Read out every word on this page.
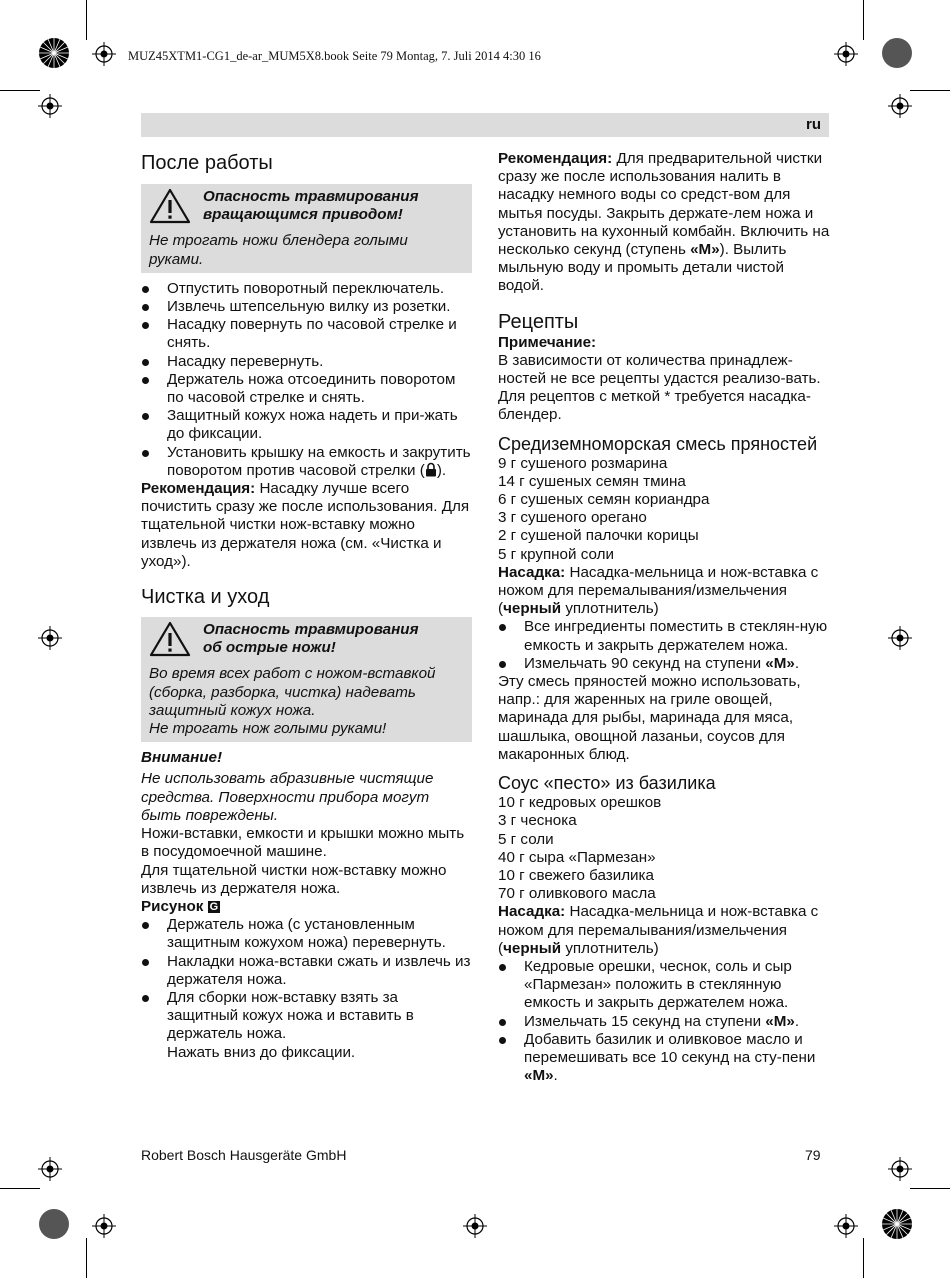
MUZ45XTM1-CG1_de-ar_MUM5X8.book Seite 79 Montag, 7. Juli 2014 4:30 16
ru
После работы
Опасность травмирования вращающимся приводом!
Не трогать ножи блендера голыми руками.
Отпустить поворотный переключатель.
Извлечь штепсельную вилку из розетки.
Насадку повернуть по часовой стрелке и снять.
Насадку перевернуть.
Держатель ножа отсоединить поворотом по часовой стрелке и снять.
Защитный кожух ножа надеть и при-жать до фиксации.
Установить крышку на емкость и закрутить поворотом против часовой стрелки ( ).

Рекомендация: Насадку лучше всего почистить сразу же после использования. Для тщательной чистки нож-вставку можно извлечь из держателя ножа (см. «Чистка и уход»).

Чистка и уход
Опасность травмирования об острые ножи!
Во время всех работ с ножом-вставкой (сборка, разборка, чистка) надевать защитный кожух ножа.
Не трогать нож голыми руками!

Внимание!

Не использовать абразивные чистящие средства. Поверхности прибора могут быть повреждены.

Ножи-вставки, емкости и крышки можно мыть в посудомоечной машине.

Для тщательной чистки нож-вставку можно извлечь из держателя ножа.

Рисунок G

Держатель ножа (с установленным защитным кожухом ножа) перевернуть.
Накладки ножа-вставки сжать и извлечь из держателя ножа.
Для сборки нож-вставку взять за защитный кожух ножа и вставить в держатель ножа.
Нажать вниз до фиксации.

Рекомендация: Для предварительной чистки сразу же после использования налить в насадку немного воды со средст-вом для мытья посуды. Закрыть держате-лем ножа и установить на кухонный комбайн. Включить на несколько секунд (ступень «M»). Вылить мыльную воду и промыть детали чистой водой.

Рецепты

Примечание:

В зависимости от количества принадлеж-ностей не все рецепты удастся реализо-вать. Для рецептов с меткой * требуется насадка-блендер.

Средиземноморская смесь пряностей

9 г сушеного розмарина

14 г сушеных семян тмина

6 г сушеных семян кориандра

3 г сушеного орегано

2 г сушеной палочки корицы

5 г крупной соли

Насадка: Насадка-мельница и нож-вставка с ножом для перемалывания/измельчения (черный уплотнитель)

Все ингредиенты поместить в стеклян-ную емкость и закрыть держателем ножа.
Измельчать 90 секунд на ступени «M».

Эту смесь пряностей можно использовать, напр.: для жаренных на гриле овощей, маринада для рыбы, маринада для мяса, шашлыка, овощной лазаньи, соусов для макаронных блюд.

Соус «песто» из базилика

10 г кедровых орешков

3 г чеснока

5 г соли

40 г сыра «Пармезан»

10 г свежего базилика

70 г оливкового масла

Насадка: Насадка-мельница и нож-вставка с ножом для перемалывания/измельчения (черный уплотнитель)

Кедровые орешки, чеснок, соль и сыр «Пармезан» положить в стеклянную емкость и закрыть держателем ножа.
Измельчать 15 секунд на ступени «M».
Добавить базилик и оливковое масло и перемешивать все 10 секунд на сту-пени «M».
Robert Bosch Hausgeräte GmbH	79
